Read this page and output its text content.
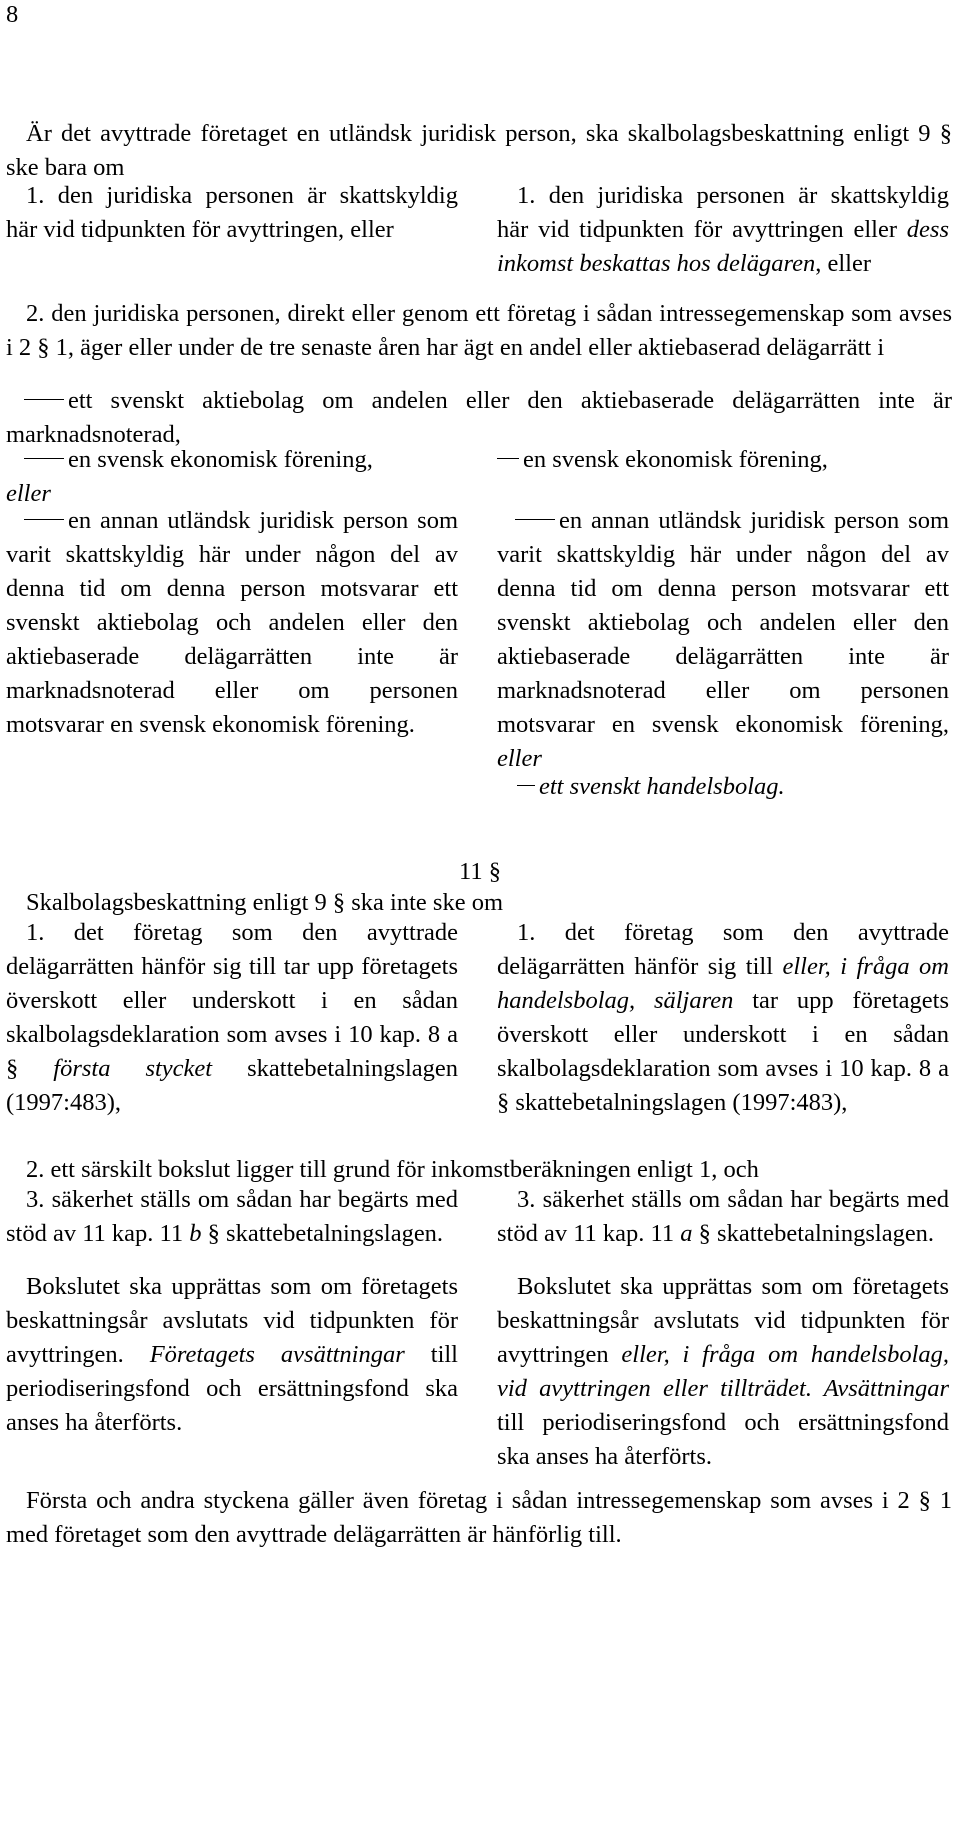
8

Är det avyttrade företaget en utländsk juridisk person, ska skalbolagsbeskattning enligt 9 § ske bara om

1. den juridiska personen är skattskyldig här vid tidpunkten för avyttringen, eller

1. den juridiska personen är skattskyldig här vid tidpunkten för avyttringen eller dess inkomst beskattas hos delägaren, eller

2. den juridiska personen, direkt eller genom ett företag i sådan intressegemenskap som avses i 2 § 1, äger eller under de tre senaste åren har ägt en andel eller aktiebaserad delägarrätt i

ett svenskt aktiebolag om andelen eller den aktiebaserade delägarrätten inte är marknadsnoterad,

en svensk ekonomisk förening,
eller

en svensk ekonomisk förening,

en annan utländsk juridisk person som varit skattskyldig här under någon del av denna tid om denna person motsvarar ett svenskt aktiebolag och andelen eller den aktiebaserade delägarrätten inte är marknadsnoterad eller om personen motsvarar en svensk ekonomisk förening.

en annan utländsk juridisk person som varit skattskyldig här under någon del av denna tid om denna person motsvarar ett svenskt aktiebolag och andelen eller den aktiebaserade delägarrätten inte är marknadsnoterad eller om personen motsvarar en svensk ekonomisk förening, eller

ett svenskt handelsbolag.

11 §

Skalbolagsbeskattning enligt 9 § ska inte ske om

1. det företag som den avyttrade delägarrätten hänför sig till tar upp företagets överskott eller underskott i en sådan skalbolagsdeklaration som avses i 10 kap. 8 a § första stycket skattebetalningslagen (1997:483),

1. det företag som den avyttrade delägarrätten hänför sig till eller, i fråga om handelsbolag, säljaren tar upp företagets överskott eller underskott i en sådan skalbolagsdeklaration som avses i 10 kap. 8 a § skattebetalningslagen (1997:483),

2. ett särskilt bokslut ligger till grund för inkomstberäkningen enligt 1, och

3. säkerhet ställs om sådan har begärts med stöd av 11 kap. 11 b § skattebetalningslagen.

3. säkerhet ställs om sådan har begärts med stöd av 11 kap. 11 a § skattebetalningslagen.

Bokslutet ska upprättas som om företagets beskattningsår avslutats vid tidpunkten för avyttringen. Företagets avsättningar till periodiseringsfond och ersättningsfond ska anses ha återförts.

Bokslutet ska upprättas som om företagets beskattningsår avslutats vid tidpunkten för avyttringen eller, i fråga om handelsbolag, vid avyttringen eller tillträdet. Avsättningar till periodiseringsfond och ersättningsfond ska anses ha återförts.

Första och andra styckena gäller även företag i sådan intressegemenskap som avses i 2 § 1 med företaget som den avyttrade delägarrätten är hänförlig till.
